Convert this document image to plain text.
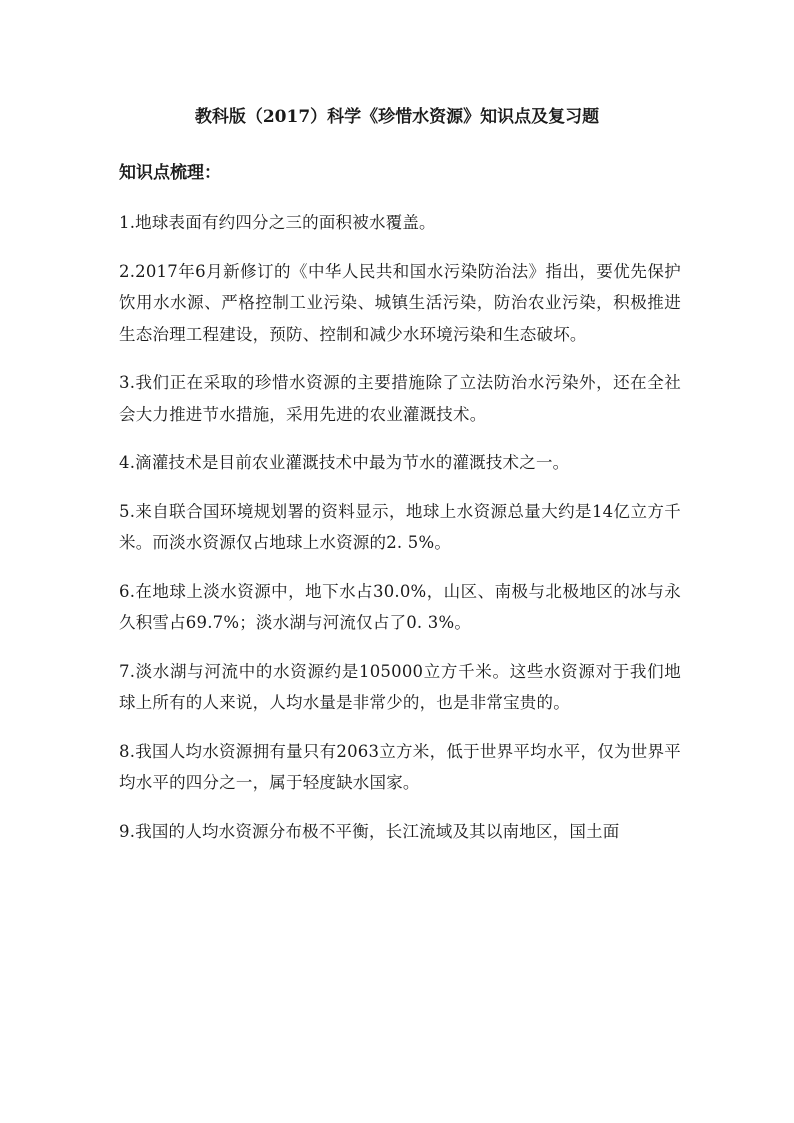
教科版（2017）科学《珍惜水资源》知识点及复习题
知识点梳理：
1.地球表面有约四分之三的面积被水覆盖。
2.2017年6月新修订的《中华人民共和国水污染防治法》指出，要优先保护饮用水水源、严格控制工业污染、城镇生活污染，防治农业污染，积极推进生态治理工程建设，预防、控制和减少水环境污染和生态破坏。
3.我们正在采取的珍惜水资源的主要措施除了立法防治水污染外，还在全社会大力推进节水措施，采用先进的农业灌溉技术。
4.滴灌技术是目前农业灌溉技术中最为节水的灌溉技术之一。
5.来自联合国环境规划署的资料显示，地球上水资源总量大约是14亿立方千米。而淡水资源仅占地球上水资源的2. 5%。
6.在地球上淡水资源中，地下水占30.0%，山区、南极与北极地区的冰与永久积雪占69.7%；淡水湖与河流仅占了0. 3%。
7.淡水湖与河流中的水资源约是105000立方千米。这些水资源对于我们地球上所有的人来说，人均水量是非常少的，也是非常宝贵的。
8.我国人均水资源拥有量只有2063立方米，低于世界平均水平，仅为世界平均水平的四分之一，属于轻度缺水国家。
9.我国的人均水资源分布极不平衡，长江流域及其以南地区，国土面
